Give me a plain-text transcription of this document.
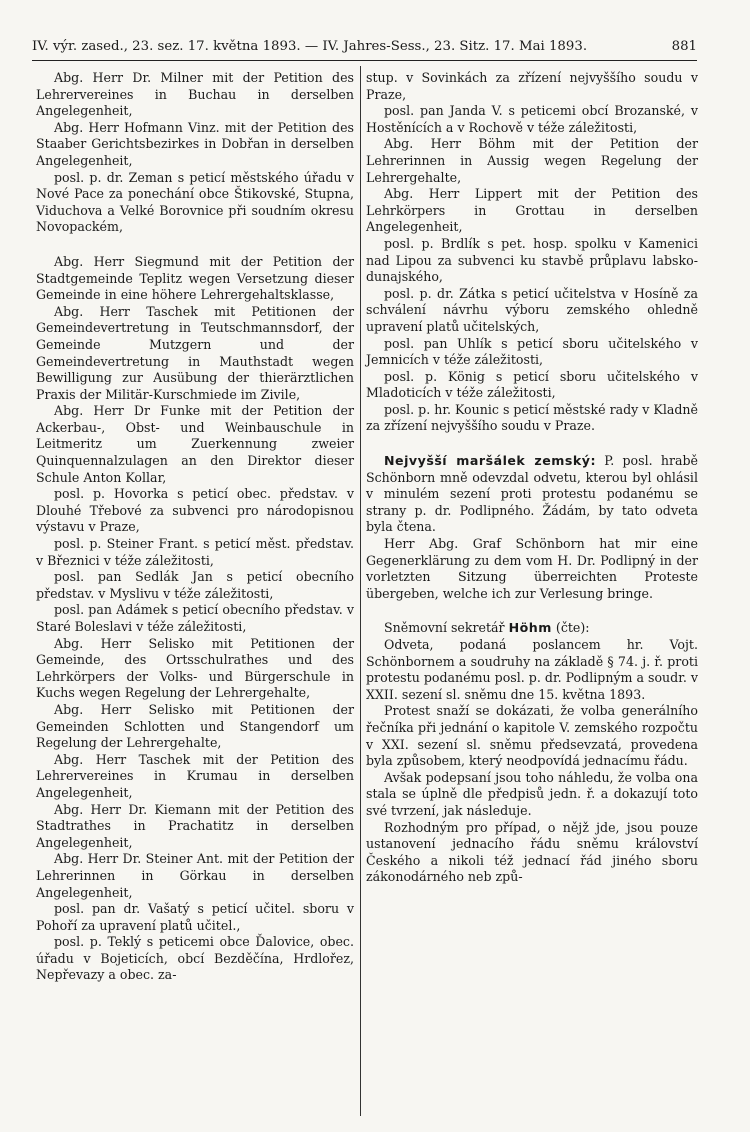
IV. výr. zased., 23. sez. 17. května 1893. — IV. Jahres-Sess., 23. Sitz. 17. Mai 1893.	881

Abg. Herr Dr. Milner mit der Petition des Lehrervereines in Buchau in derselben Angelegenheit,

Abg. Herr Hofmann Vinz. mit der Petition des Staaber Gerichtsbezirkes in Dobřan in derselben Angelegenheit,

posl. p. dr. Zeman s peticí městského úřadu v Nové Pace za ponechání obce Štikovské, Stupna, Viduchova a Velké Borovnice při soudním okresu Novopackém,

Abg. Herr Siegmund mit der Petition der Stadtgemeinde Teplitz wegen Versetzung dieser Gemeinde in eine höhere Lehrergehaltsklasse,

Abg. Herr Taschek mit Petitionen der Gemeindevertretung in Teutschmannsdorf, der Gemeinde Mutzgern und der Gemeindevertretung in Mauthstadt wegen Bewilligung zur Ausübung der thierärztlichen Praxis der Militär-Kurschmiede im Zivile,

Abg. Herr Dr Funke mit der Petition der Ackerbau-, Obst- und Weinbauschule in Leitmeritz um Zuerkennung zweier Quinquennalzulagen an den Direktor dieser Schule Anton Kollar,

posl. p. Hovorka s peticí obec. představ. v Dlouhé Třebové za subvenci pro národopisnou výstavu v Praze,

posl. p. Steiner Frant. s peticí měst. představ. v Březnici v téže záležitosti,

posl. pan Sedlák Jan s peticí obecního představ. v Myslivu v téže záležitosti,

posl. pan Adámek s peticí obecního představ. v Staré Boleslavi v téže záležitosti,

Abg. Herr Selisko mit Petitionen der Gemeinde, des Ortsschulrathes und des Lehrkörpers der Volks- und Bürgerschule in Kuchs wegen Regelung der Lehrergehalte,

Abg. Herr Selisko mit Petitionen der Gemeinden Schlotten und Stangendorf um Regelung der Lehrergehalte,

Abg. Herr Taschek mit der Petition des Lehrervereines in Krumau in derselben Angelegenheit,

Abg. Herr Dr. Kiemann mit der Petition des Stadtrathes in Prachatitz in derselben Angelegenheit,

Abg. Herr Dr. Steiner Ant. mit der Petition der Lehrerinnen in Görkau in derselben Angelegenheit,

posl. pan dr. Vašatý s peticí učitel. sboru v Pohoří za upravení platů učitel.,

posl. p. Teklý s peticemi obce Ďalovice, obec. úřadu v Bojeticích, obcí Bezděčína, Hrdlořez, Nepřevazy a obec. za-

stup. v Sovinkách za zřízení nejvyššího soudu v Praze,

posl. pan Janda V. s peticemi obcí Brozanské, v Hostěnících a v Rochově v téže záležitosti,

Abg. Herr Böhm mit der Petition der Lehrerinnen in Aussig wegen Regelung der Lehrergehalte,

Abg. Herr Lippert mit der Petition des Lehrkörpers in Grottau in derselben Angelegenheit,

posl. p. Brdlík s pet. hosp. spolku v Kamenici nad Lipou za subvenci ku stavbě průplavu labsko-dunajského,

posl. p. dr. Zátka s peticí učitelstva v Hosíně za schválení návrhu výboru zemského ohledně upravení platů učitelských,

posl. pan Uhlík s peticí sboru učitelského v Jemnicích v téže záležitosti,

posl. p. König s peticí sboru učitelského v Mladoticích v téže záležitosti,

posl. p. hr. Kounic s peticí městské rady v Kladně za zřízení nejvyššího soudu v Praze.

Nejvyšší maršálek zemský: P. posl. hrabě Schönborn mně odevzdal odvetu, kterou byl ohlásil v minulém sezení proti protestu podanému se strany p. dr. Podlipného. Žádám, by tato odveta byla čtena.

Herr Abg. Graf Schönborn hat mir eine Gegenerklärung zu dem vom H. Dr. Podlipný in der vorletzten Sitzung überreichten Proteste übergeben, welche ich zur Verlesung bringe.

Sněmovní sekretář Höhm (čte):

Odveta, podaná poslancem hr. Vojt. Schönbornem a soudruhy na základě § 74. j. ř. proti protestu podanému posl. p. dr. Podlipným a soudr. v XXII. sezení sl. sněmu dne 15. května 1893.

Protest snaží se dokázati, že volba generálního řečníka při jednání o kapitole V. zemského rozpočtu v XXI. sezení sl. sněmu předsevzatá, provedena byla způsobem, který neodpovídá jednacímu řádu.

Avšak podepsaní jsou toho náhledu, že volba ona stala se úplně dle předpisů jedn. ř. a dokazují toto své tvrzení, jak následuje.

Rozhodným pro případ, o nějž jde, jsou pouze ustanovení jednacího řádu sněmu království Českého a nikoli též jednací řád jiného sboru zákonodárného neb způ-
